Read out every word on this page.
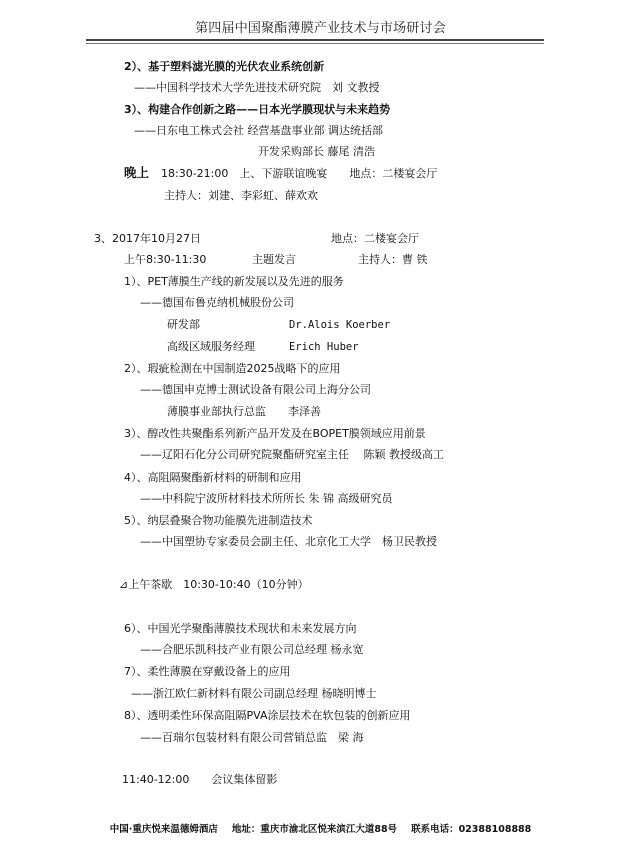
第四届中国聚酯薄膜产业技术与市场研讨会
2）、基于塑料滤光膜的光伏农业系统创新
——中国科学技术大学先进技术研究院　刘 文教授
3）、构建合作创新之路——日本光学膜现状与未来趋势
——日东电工株式会社 经营基盘事业部 调达统括部
开发采购部长 藤尾 清浩
晚上 18:30-21:00　上、下游联谊晚宴　　地点：二楼宴会厅
主持人：刘建、李彩虹、薛欢欢
3、2017年10月27日	地点：二楼宴会厅
上午8:30-11:30	主题发言	主持人：曹 铁
1）、PET薄膜生产线的新发展以及先进的服务
——德国布鲁克纳机械股份公司
研发部	Dr.Alois Koerber
高级区域服务经理	Erich Huber
2）、瑕疵检测在中国制造2025战略下的应用
——德国申克博士测试设备有限公司上海分公司
薄膜事业部执行总监　　李泽善
3）、醇改性共聚酯系列新产品开发及在BOPET膜领域应用前景
——辽阳石化分公司研究院聚酯研究室主任　 陈颖 教授级高工
4）、高阻隔聚酯新材料的研制和应用
——中科院宁波所材料技术所所长 朱 锦 高级研究员
5）、纳层叠聚合物功能膜先进制造技术
——中国塑协专家委员会副主任、北京化工大学　杨卫民教授
⊿上午茶歇　10:30-10:40（10分钟）
6）、中国光学聚酯薄膜技术现状和未来发展方向
——合肥乐凯科技产业有限公司总经理 杨永宽
7）、柔性薄膜在穿戴设备上的应用
——浙江欧仁新材料有限公司副总经理 杨晓明博士
8）、透明柔性环保高阻隔PVA涂层技术在软包装的创新应用
——百瑞尔包装材料有限公司营销总监　梁 海
11:40-12:00　　会议集体留影
中国·重庆悦来温德姆酒店 地址：重庆市渝北区悦来滨江大道88号 联系电话：02388108888
